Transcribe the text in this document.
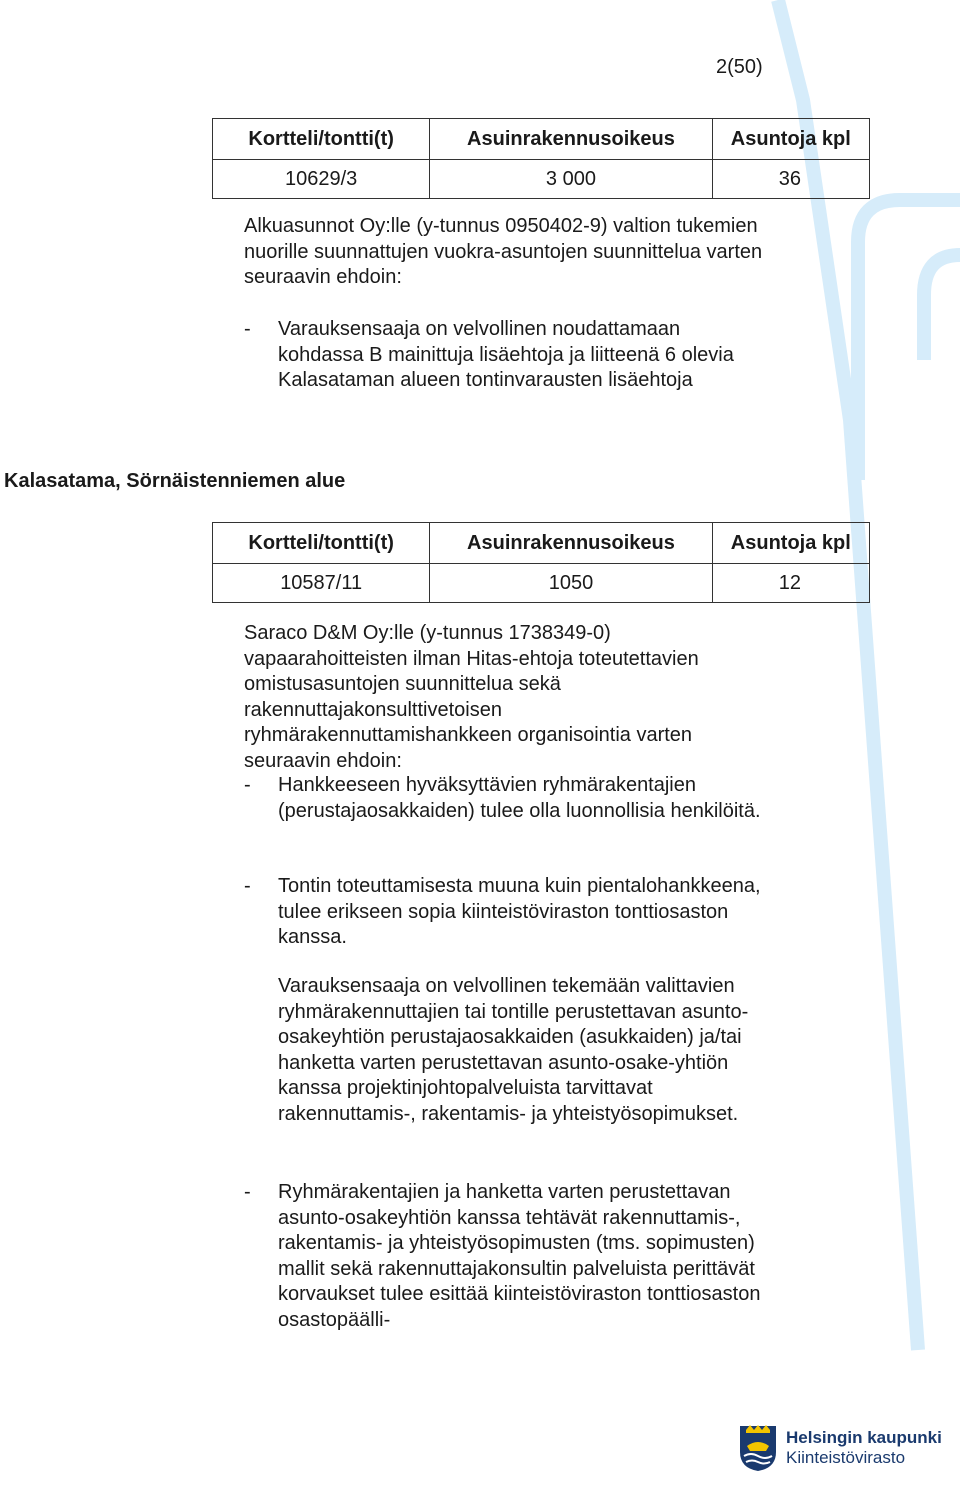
2(50)
Kortteli/tontti(t)	Asuinrakennusoikeus	Asuntoja kpl
10629/3	3 000	36

Alkuasunnot Oy:lle (y-tunnus 0950402-9) valtion tukemien nuorille suunnattujen vuokra-asuntojen suunnittelua varten seuraavin ehdoin:

- Varauksensaaja on velvollinen noudattamaan kohdassa B mainittuja lisäehtoja ja liitteenä 6 olevia Kalasataman alueen tontinvarausten lisäehtoja
Kalasatama, Sörnäistenniemen alue
Kortteli/tontti(t)	Asuinrakennusoikeus	Asuntoja kpl
10587/11	1050	12

Saraco D&M Oy:lle (y-tunnus 1738349-0) vapaarahoitteisten ilman Hitas-ehtoja toteutettavien omistusasuntojen suunnittelua sekä rakennuttajakonsulttivetoisen ryhmärakennuttamishankkeen organisointia varten seuraavin ehdoin:

- Hankkeeseen hyväksyttävien ryhmärakentajien (perustajaosakkaiden) tulee olla luonnollisia henkilöitä.
- Tontin toteuttamisesta muuna kuin pientalohankkeena, tulee erikseen sopia kiinteistöviraston tonttiosaston kanssa.

Varauksensaaja on velvollinen tekemään valittavien ryhmärakennuttajien tai tontille perustettavan asunto-osakeyhtiön perustajaosakkaiden (asukkaiden) ja/tai hanketta varten perustettavan asunto-osake-yhtiön kanssa projektinjohtopalveluista tarvittavat rakennuttamis-, rakentamis- ja yhteistyösopimukset.

- Ryhmärakentajien ja hanketta varten perustettavan asunto-osakeyhtiön kanssa tehtävät rakennuttamis-, rakentamis- ja yhteistyösopimusten (tms. sopimusten) mallit sekä rakennuttajakonsultin palveluista perittävät korvaukset tulee esittää kiinteistöviraston tonttiosaston osastopäälli-
Helsingin kaupunki
Kiinteistövirasto
